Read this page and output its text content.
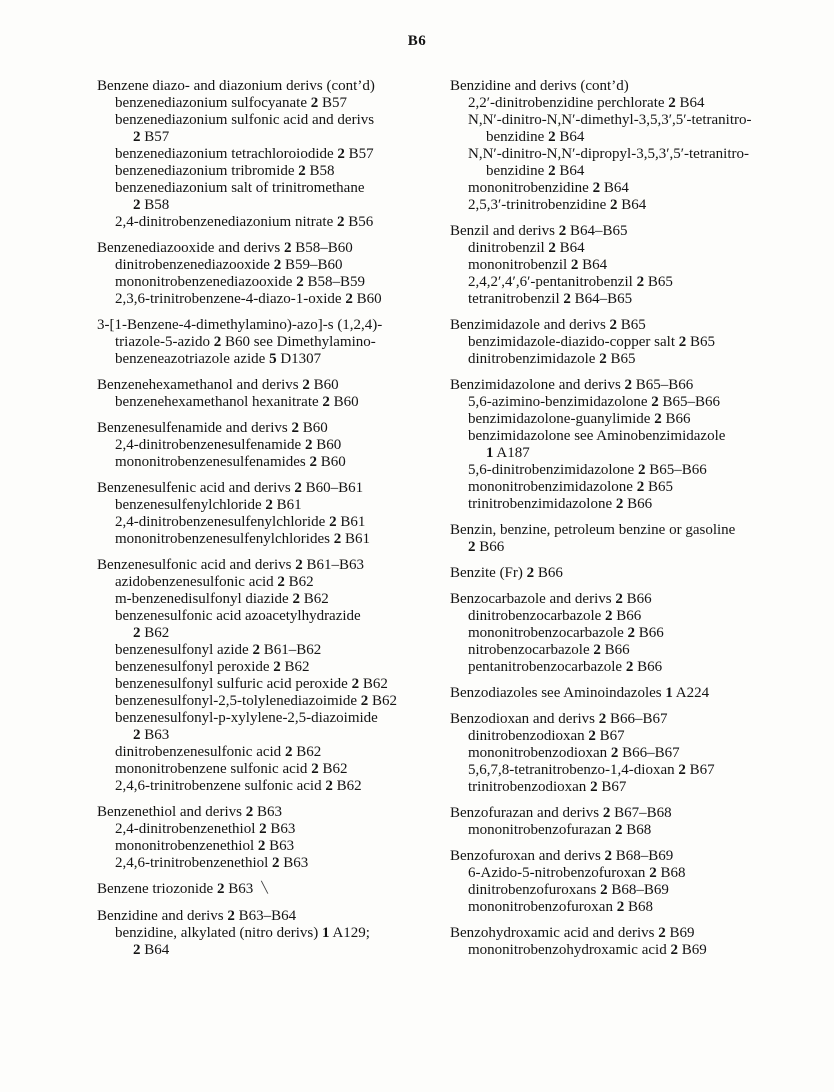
B6
Benzene diazo- and diazonium derivs (cont’d)
benzenediazonium sulfocyanate 2 B57
benzenediazonium sulfonic acid and derivs
2 B57
benzenediazonium tetrachloroiodide 2 B57
benzenediazonium tribromide 2 B58
benzenediazonium salt of trinitromethane
2 B58
2,4-dinitrobenzenediazonium nitrate 2 B56
Benzenediazooxide and derivs 2 B58–B60
dinitrobenzenediazooxide 2 B59–B60
mononitrobenzenediazooxide 2 B58–B59
2,3,6-trinitrobenzene-4-diazo-1-oxide 2 B60
3-[1-Benzene-4-dimethylamino)-azo]-s (1,2,4)-
triazole-5-azido 2 B60 see Dimethylamino-
benzeneazotriazole azide 5 D1307
Benzenehexamethanol and derivs 2 B60
benzenehexamethanol hexanitrate 2 B60
Benzenesulfenamide and derivs 2 B60
2,4-dinitrobenzenesulfenamide 2 B60
mononitrobenzenesulfenamides 2 B60
Benzenesulfenic acid and derivs 2 B60–B61
benzenesulfenylchloride 2 B61
2,4-dinitrobenzenesulfenylchloride 2 B61
mononitrobenzenesulfenylchlorides 2 B61
Benzenesulfonic acid and derivs 2 B61–B63
azidobenzenesulfonic acid 2 B62
m-benzenedisulfonyl diazide 2 B62
benzenesulfonic acid azoacetylhydrazide
2 B62
benzenesulfonyl azide 2 B61–B62
benzenesulfonyl peroxide 2 B62
benzenesulfonyl sulfuric acid peroxide 2 B62
benzenesulfonyl-2,5-tolylenediazoimide 2 B62
benzenesulfonyl-p-xylylene-2,5-diazoimide
2 B63
dinitrobenzenesulfonic acid 2 B62
mononitrobenzene sulfonic acid 2 B62
2,4,6-trinitrobenzene sulfonic acid 2 B62
Benzenethiol and derivs 2 B63
2,4-dinitrobenzenethiol 2 B63
mononitrobenzenethiol 2 B63
2,4,6-trinitrobenzenethiol 2 B63
Benzene triozonide 2 B63 ╲
Benzidine and derivs 2 B63–B64
benzidine, alkylated (nitro derivs) 1 A129;
2 B64
Benzidine and derivs (cont’d)
2,2′-dinitrobenzidine perchlorate 2 B64
N,N′-dinitro-N,N′-dimethyl-3,5,3′,5′-tetranitro-
benzidine 2 B64
N,N′-dinitro-N,N′-dipropyl-3,5,3′,5′-tetranitro-
benzidine 2 B64
mononitrobenzidine 2 B64
2,5,3′-trinitrobenzidine 2 B64
Benzil and derivs 2 B64–B65
dinitrobenzil 2 B64
mononitrobenzil 2 B64
2,4,2′,4′,6′-pentanitrobenzil 2 B65
tetranitrobenzil 2 B64–B65
Benzimidazole and derivs 2 B65
benzimidazole-diazido-copper salt 2 B65
dinitrobenzimidazole 2 B65
Benzimidazolone and derivs 2 B65–B66
5,6-azimino-benzimidazolone 2 B65–B66
benzimidazolone-guanylimide 2 B66
benzimidazolone see Aminobenzimidazole
1 A187
5,6-dinitrobenzimidazolone 2 B65–B66
mononitrobenzimidazolone 2 B65
trinitrobenzimidazolone 2 B66
Benzin, benzine, petroleum benzine or gasoline
2 B66
Benzite (Fr) 2 B66
Benzocarbazole and derivs 2 B66
dinitrobenzocarbazole 2 B66
mononitrobenzocarbazole 2 B66
nitrobenzocarbazole 2 B66
pentanitrobenzocarbazole 2 B66
Benzodiazoles see Aminoindazoles 1 A224
Benzodioxan and derivs 2 B66–B67
dinitrobenzodioxan 2 B67
mononitrobenzodioxan 2 B66–B67
5,6,7,8-tetranitrobenzo-1,4-dioxan 2 B67
trinitrobenzodioxan 2 B67
Benzofurazan and derivs 2 B67–B68
mononitrobenzofurazan 2 B68
Benzofuroxan and derivs 2 B68–B69
6-Azido-5-nitrobenzofuroxan 2 B68
dinitrobenzofuroxans 2 B68–B69
mononitrobenzofuroxan 2 B68
Benzohydroxamic acid and derivs 2 B69
mononitrobenzohydroxamic acid 2 B69
